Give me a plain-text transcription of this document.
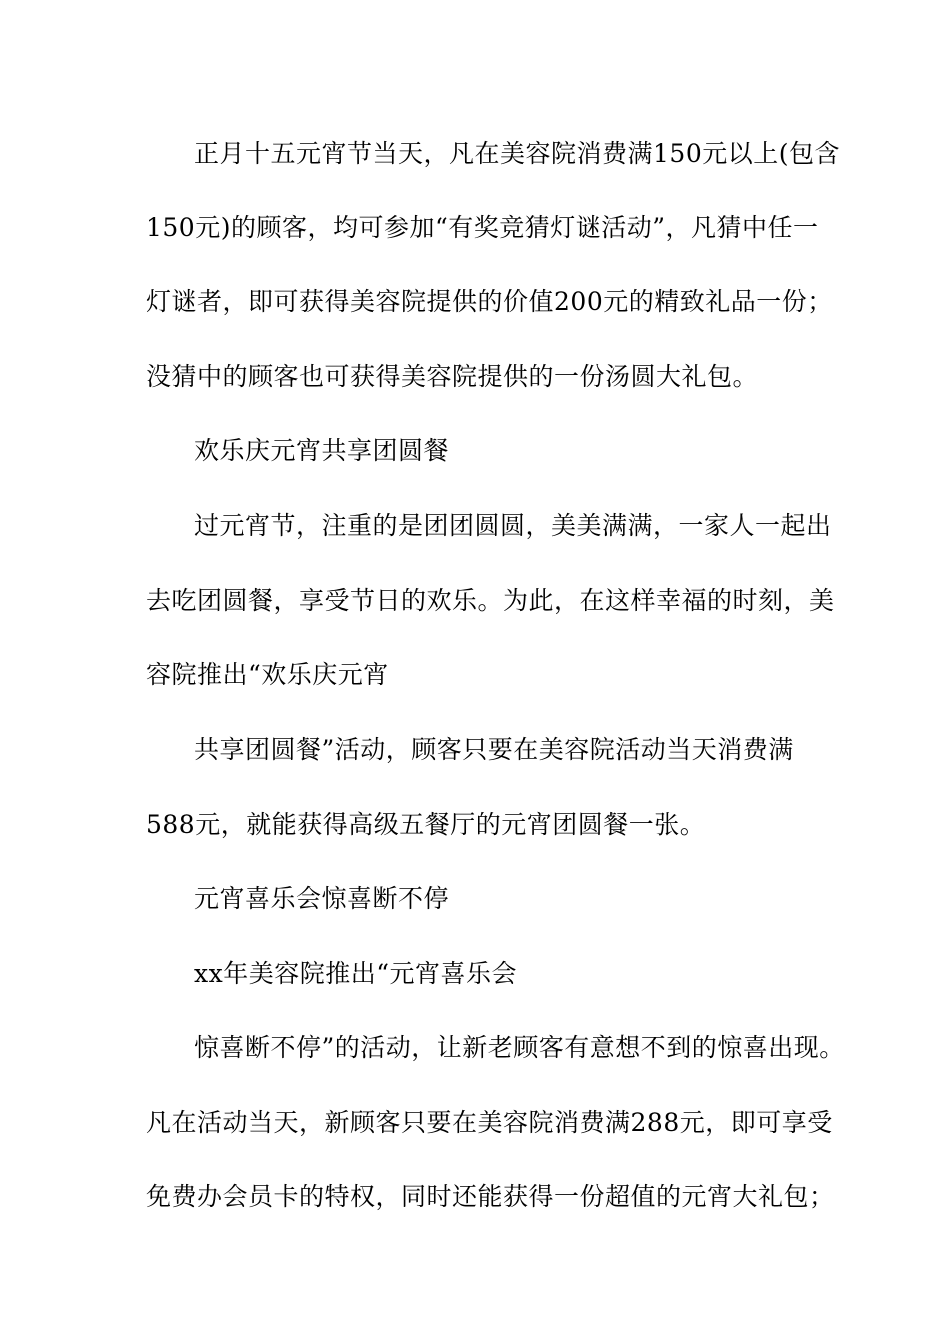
正月十五元宵节当天，凡在美容院消费满150元以上(包含
150元)的顾客，均可参加“有奖竞猜灯谜活动”，凡猜中任一
灯谜者，即可获得美容院提供的价值200元的精致礼品一份；
没猜中的顾客也可获得美容院提供的一份汤圆大礼包。
欢乐庆元宵共享团圆餐
过元宵节，注重的是团团圆圆，美美满满，一家人一起出
去吃团圆餐，享受节日的欢乐。为此，在这样幸福的时刻，美
容院推出“欢乐庆元宵
共享团圆餐”活动，顾客只要在美容院活动当天消费满
588元，就能获得高级五餐厅的元宵团圆餐一张。
元宵喜乐会惊喜断不停
xx年美容院推出“元宵喜乐会
惊喜断不停”的活动，让新老顾客有意想不到的惊喜出现。
凡在活动当天，新顾客只要在美容院消费满288元，即可享受
免费办会员卡的特权，同时还能获得一份超值的元宵大礼包；
